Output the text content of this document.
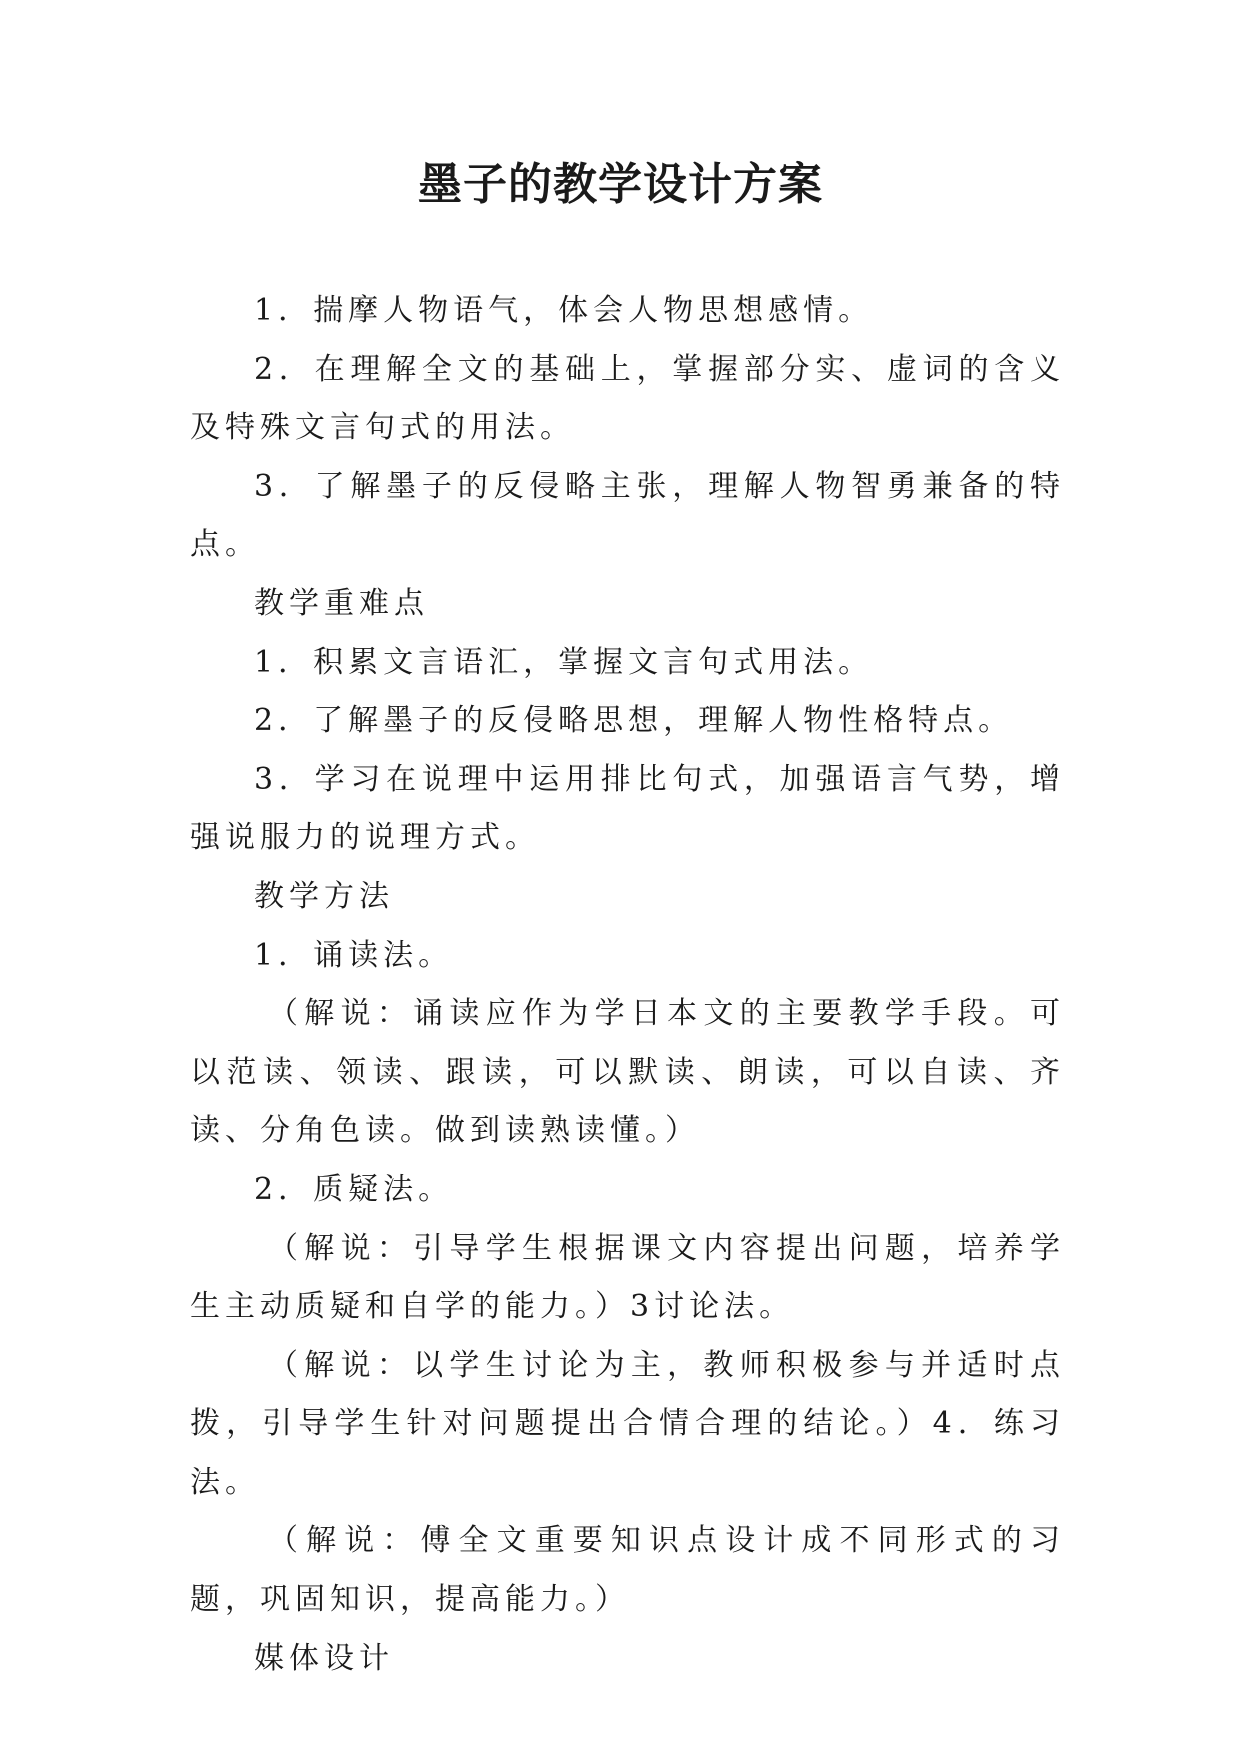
墨子的教学设计方案

1．揣摩人物语气，体会人物思想感情。

2．在理解全文的基础上，掌握部分实、虚词的含义及特殊文言句式的用法。

3．了解墨子的反侵略主张，理解人物智勇兼备的特点。

教学重难点

1．积累文言语汇，掌握文言句式用法。

2．了解墨子的反侵略思想，理解人物性格特点。

3．学习在说理中运用排比句式，加强语言气势，增强说服力的说理方式。

教学方法

1．诵读法。

（解说：诵读应作为学日本文的主要教学手段。可以范读、领读、跟读，可以默读、朗读，可以自读、齐读、分角色读。做到读熟读懂。）

2．质疑法。

（解说：引导学生根据课文内容提出问题，培养学生主动质疑和自学的能力。）3讨论法。

（解说：以学生讨论为主，教师积极参与并适时点拨，引导学生针对问题提出合情合理的结论。）4．练习法。

（解说：傅全文重要知识点设计成不同形式的习题，巩固知识，提高能力。）

媒体设计
